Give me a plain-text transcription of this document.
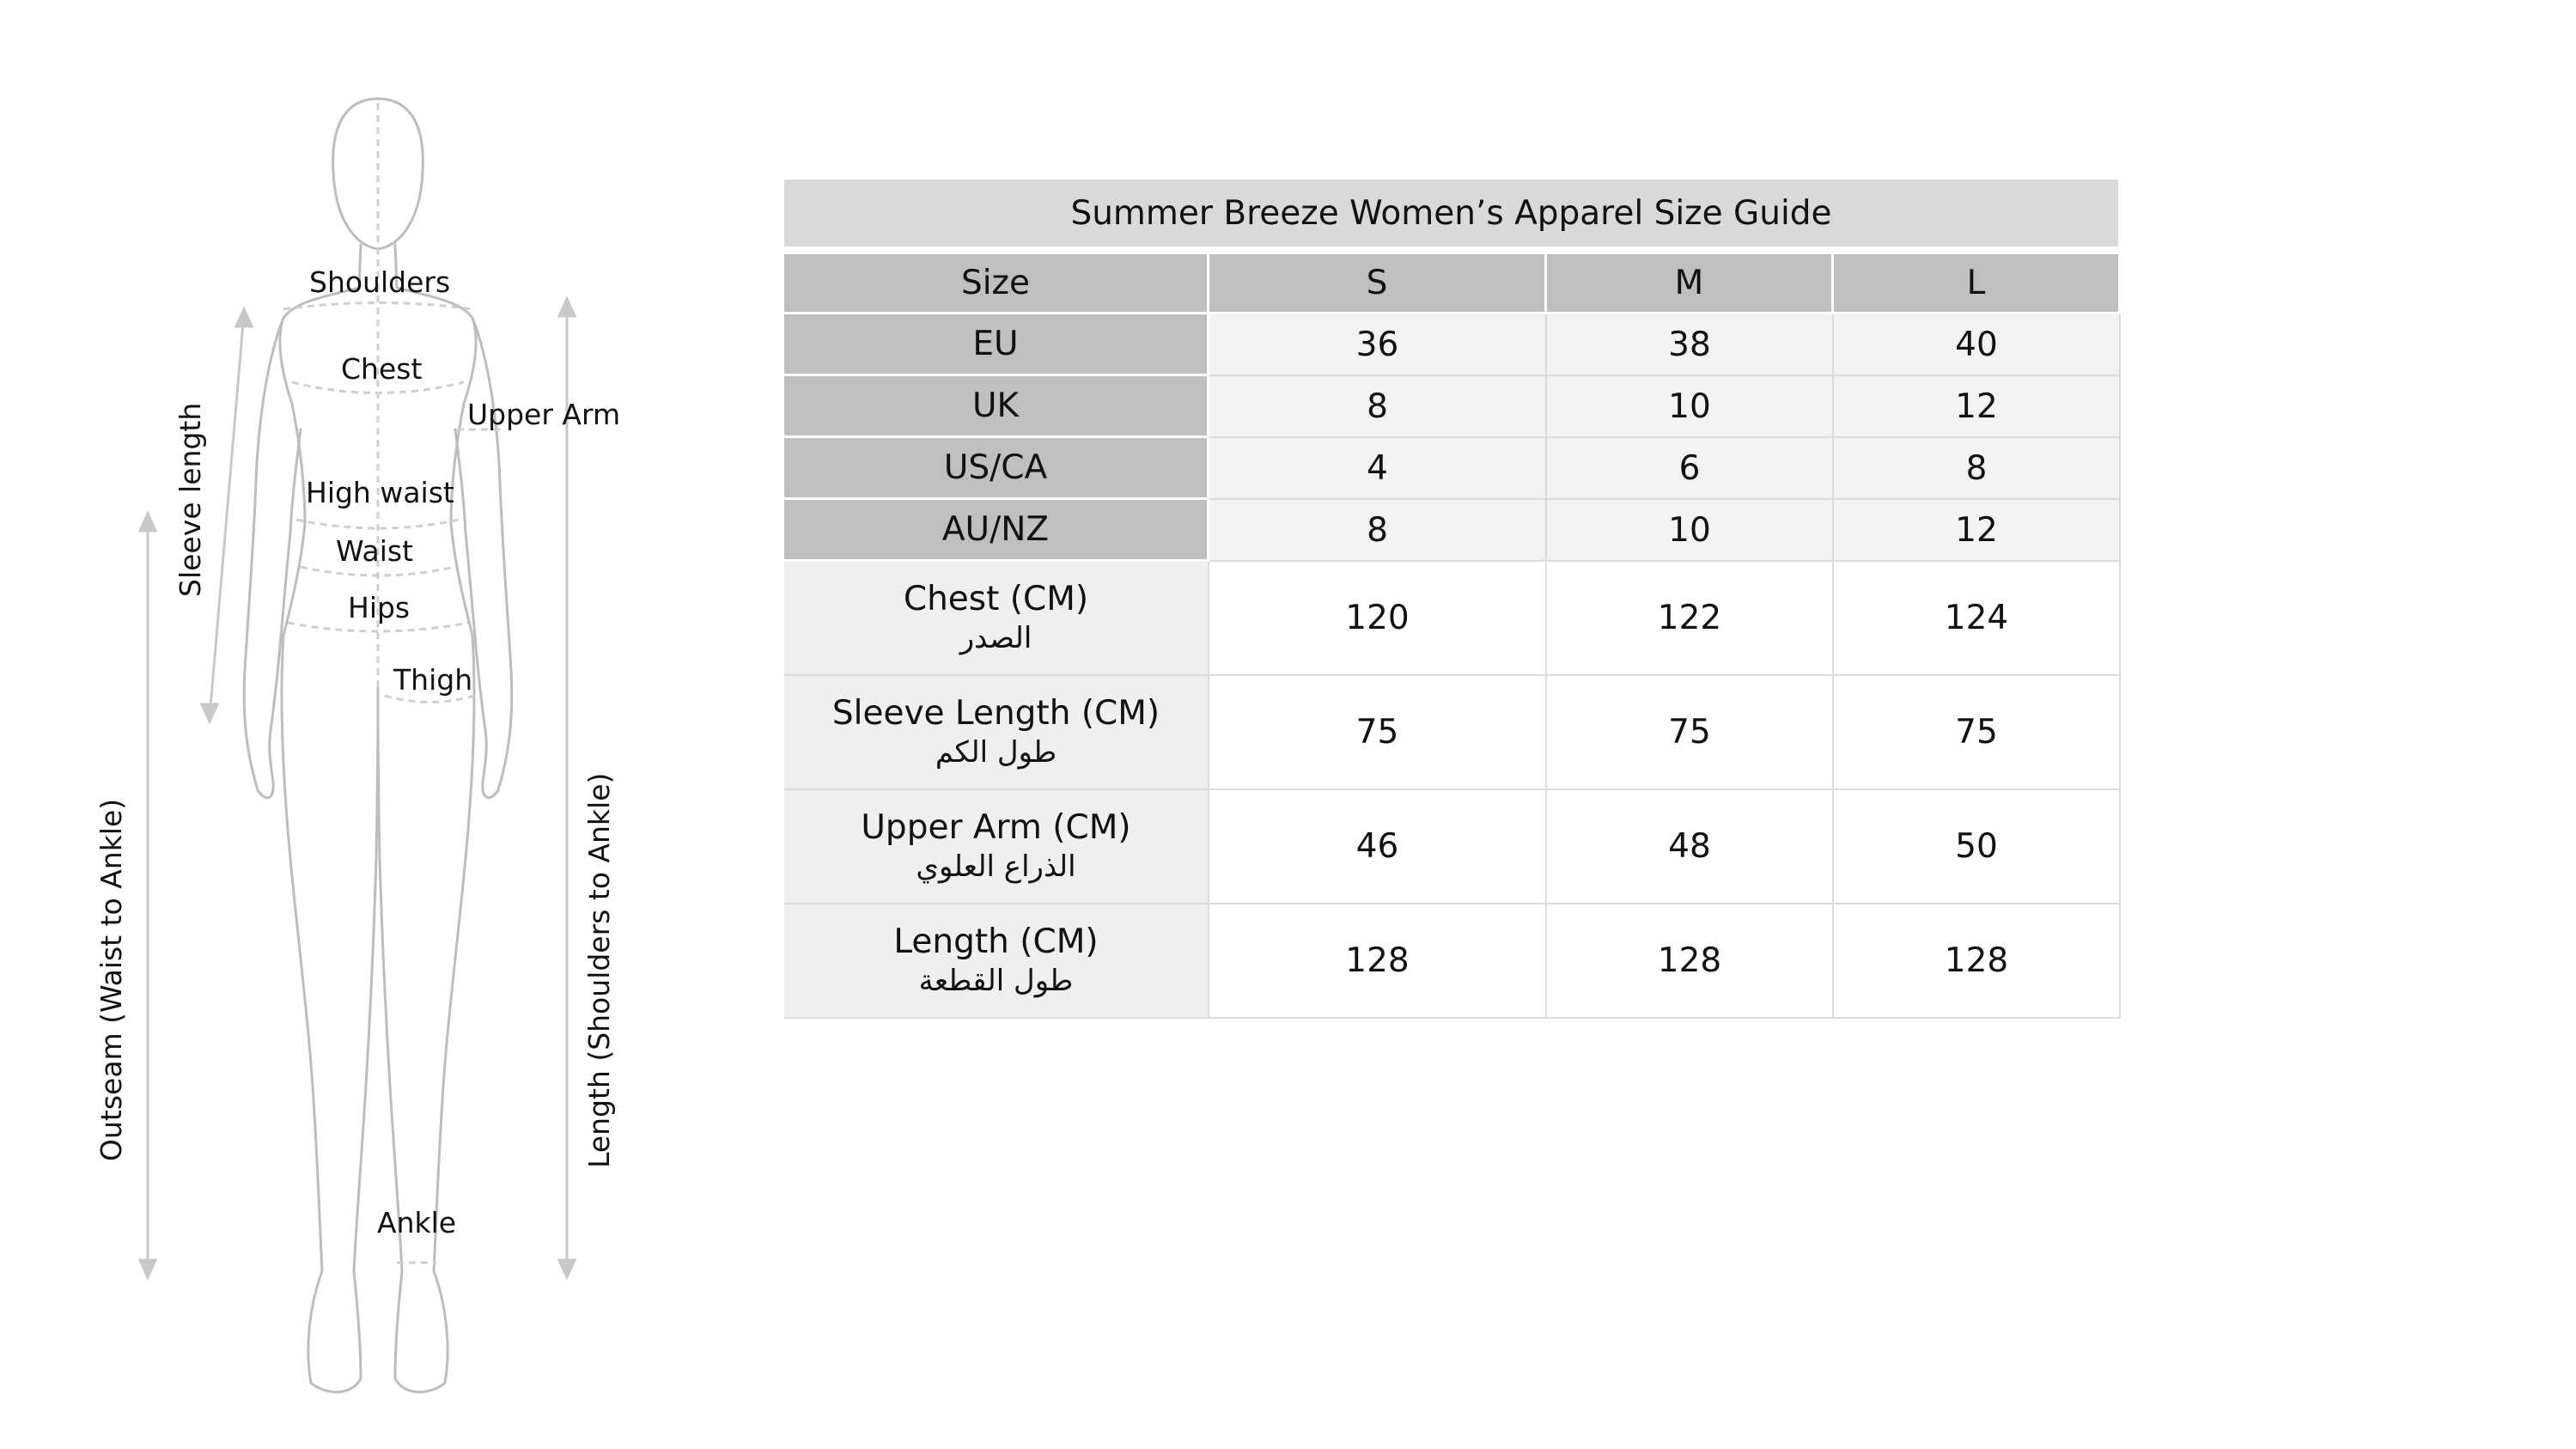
Shoulders
Chest
Upper Arm
High waist
Waist
Hips
Thigh
Ankle
Sleeve length
Outseam (Waist to Ankle)	Length (Shoulders to Ankle)
Summer Breeze Women’s Apparel Size Guide			
Size	S	M	L
EU	36	38	40
UK	8	10	12
US/CA	4	6	8
AU/NZ	8	10	12
Chest (CM)
الصدر	120	122	124
Sleeve Length (CM)
طول الكم	75	75	75
Upper Arm (CM)
الذراع العلوي	46	48	50
Length (CM)
طول القطعة	128	128	128
